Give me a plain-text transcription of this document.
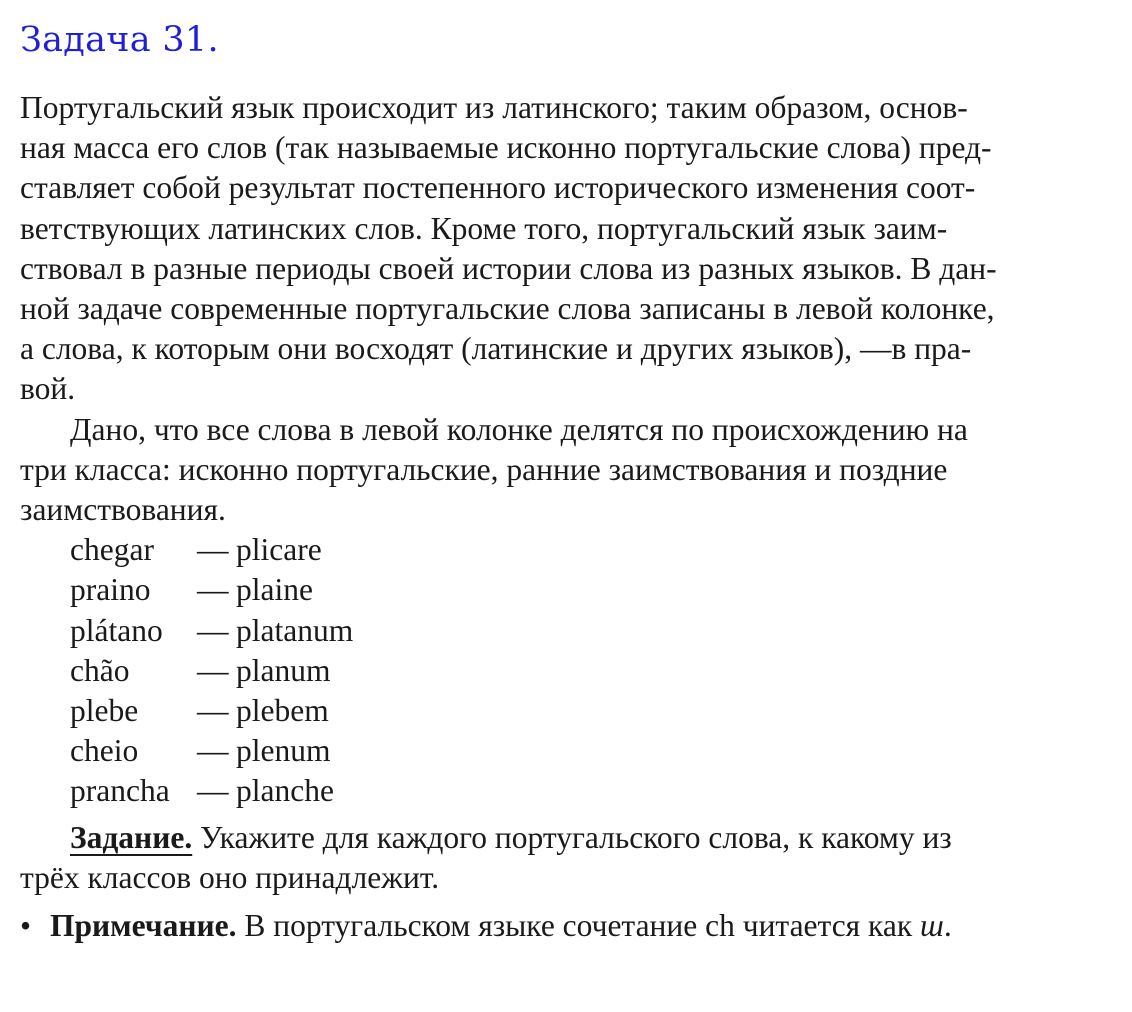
Задача 31.

Португальский язык происходит из латинского; таким образом, основ-
ная масса его слов (так называемые исконно португальские слова) пред-
ставляет собой результат постепенного исторического изменения соот-
ветствующих латинских слов. Кроме того, португальский язык заим-
ствовал в разные периоды своей истории слова из разных языков. В дан-
ной задаче современные португальские слова записаны в левой колонке,
а слова, к которым они восходят (латинские и других языков), —в пра-
вой.

Дано, что все слова в левой колонке делятся по происхождению на
три класса: исконно португальские, ранние заимствования и поздние
заимствования.

chegar	— plicare
praino	— plaine
plátano	— platanum
chão	— planum
plebe	— plebem
cheio	— plenum
prancha — planche

Задание. Укажите для каждого португальского слова, к какому из
трёх классов оно принадлежит.

• Примечание. В португальском языке сочетание ch читается как ш.
